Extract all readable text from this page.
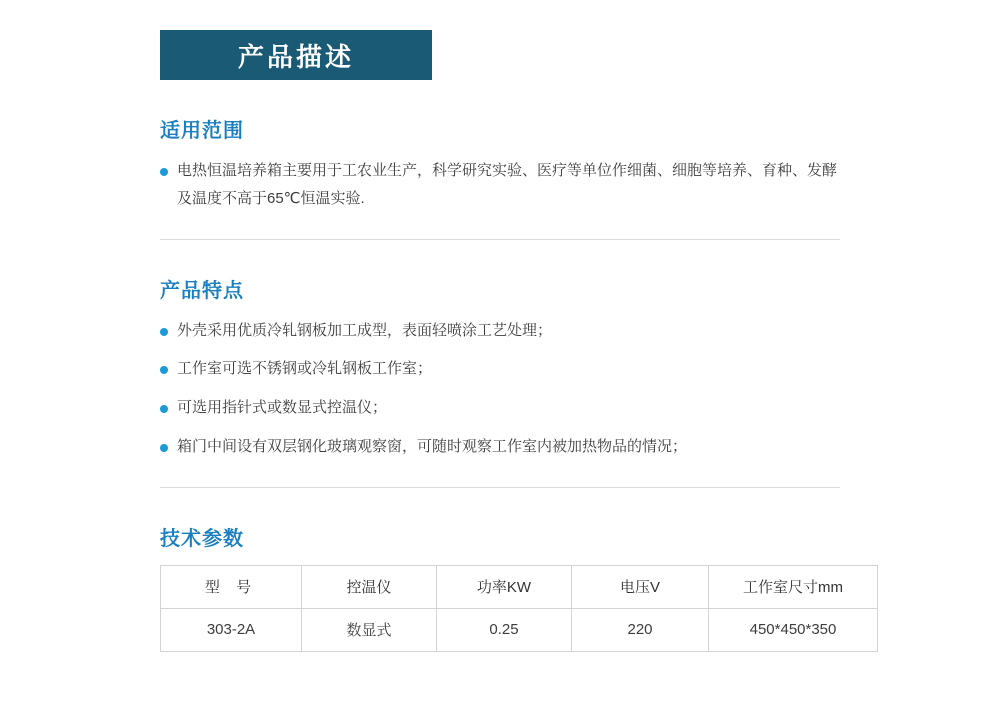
产品描述
适用范围
电热恒温培养箱主要用于工农业生产，科学研究实验、医疗等单位作细菌、细胞等培养、育种、发酵及温度不高于65℃恒温实验.
产品特点
外壳采用优质冷轧钢板加工成型，表面轻喷涂工艺处理；
工作室可选不锈钢或冷轧钢板工作室；
可选用指针式或数显式控温仪；
箱门中间设有双层钢化玻璃观察窗，可随时观察工作室内被加热物品的情况；
技术参数
型 号	控温仪	功率KW	电压V	工作室尺寸mm
303-2A	数显式	0.25	220	450*450*350
